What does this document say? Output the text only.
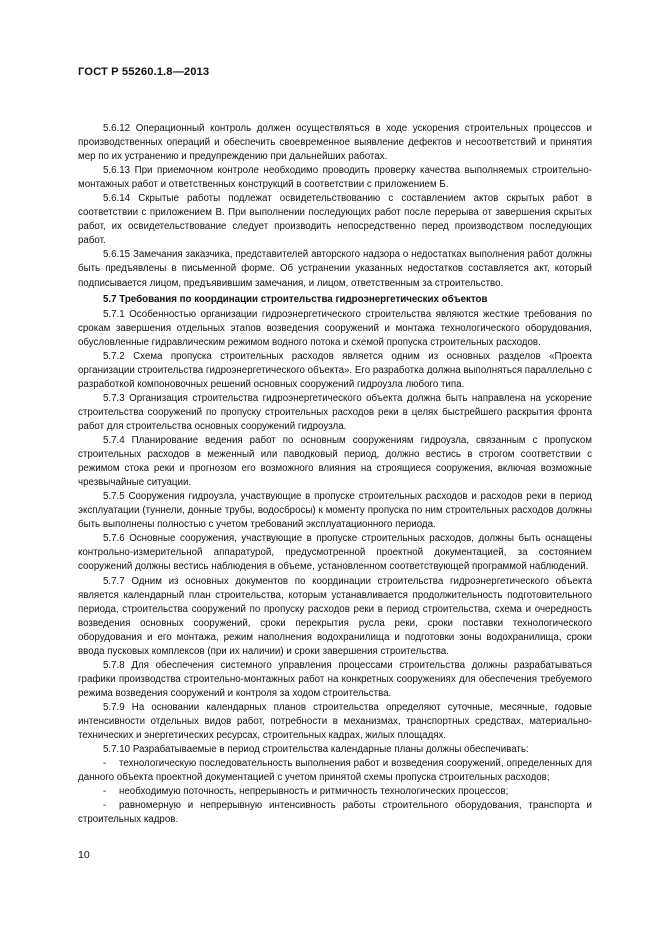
ГОСТ Р 55260.1.8—2013

5.6.12 Операционный контроль должен осуществляться в ходе ускорения строительных процессов и производственных операций и обеспечить своевременное выявление дефектов и несоответствий и принятия мер по их устранению и предупреждению при дальнейших работах.

5.6.13 При приемочном контроле необходимо проводить проверку качества выполняемых строительно-монтажных работ и ответственных конструкций в соответствии с приложением Б.

5.6.14 Скрытые работы подлежат освидетельствованию с составлением актов скрытых работ в соответствии с приложением В. При выполнении последующих работ после перерыва от завершения скрытых работ, их освидетельствование следует производить непосредственно перед производством последующих работ.

5.6.15 Замечания заказчика, представителей авторского надзора о недостатках выполнения работ должны быть предъявлены в письменной форме. Об устранении указанных недостатков составляется акт, который подписывается лицом, предъявившим замечания, и лицом, ответственным за строительство.

5.7 Требования по координации строительства гидроэнергетических объектов

5.7.1 Особенностью организации гидроэнергетического строительства являются жесткие требования по срокам завершения отдельных этапов возведения сооружений и монтажа технологического оборудования, обусловленные гидравлическим режимом водного потока и схемой пропуска строительных расходов.

5.7.2 Схема пропуска строительных расходов является одним из основных разделов «Проекта организации строительства гидроэнергетического объекта». Его разработка должна выполняться параллельно с разработкой компоновочных решений основных сооружений гидроузла любого типа.

5.7.3 Организация строительства гидроэнергетического объекта должна быть направлена на ускорение строительства сооружений по пропуску строительных расходов реки в целях быстрейшего раскрытия фронта работ для строительства основных сооружений гидроузла.

5.7.4 Планирование ведения работ по основным сооружениям гидроузла, связанным с пропуском строительных расходов в меженный или паводковый период, должно вестись в строгом соответствии с режимом стока реки и прогнозом его возможного влияния на строящиеся сооружения, включая возможные чрезвычайные ситуации.

5.7.5 Сооружения гидроузла, участвующие в пропуске строительных расходов и расходов реки в период эксплуатации (туннели, донные трубы, водосбросы) к моменту пропуска по ним строительных расходов должны быть выполнены полностью с учетом требований эксплуатационного периода.

5.7.6 Основные сооружения, участвующие в пропуске строительных расходов, должны быть оснащены контрольно-измерительной аппаратурой, предусмотренной проектной документацией, за состоянием сооружений должны вестись наблюдения в объеме, установленном соответствующей программой наблюдений.

5.7.7 Одним из основных документов по координации строительства гидроэнергетического объекта является календарный план строительства, которым устанавливается продолжительность подготовительного периода, строительства сооружений по пропуску расходов реки в период строительства, схема и очередность возведения основных сооружений, сроки перекрытия русла реки, сроки поставки технологического оборудования и его монтажа, режим наполнения водохранилища и подготовки зоны водохранилища, сроки ввода пусковых комплексов (при их наличии) и сроки завершения строительства.

5.7.8 Для обеспечения системного управления процессами строительства должны разрабатываться графики производства строительно-монтажных работ на конкретных сооружениях для обеспечения требуемого режима возведения сооружений и контроля за ходом строительства.

5.7.9 На основании календарных планов строительства определяют суточные, месячные, годовые интенсивности отдельных видов работ, потребности в механизмах, транспортных средствах, материально-технических и энергетических ресурсах, строительных кадрах, жилых площадях.

5.7.10 Разрабатываемые в период строительства календарные планы должны обеспечивать:

- технологическую последовательность выполнения работ и возведения сооружений, определенных для данного объекта проектной документацией с учетом принятой схемы пропуска строительных расходов;

- необходимую поточность, непрерывность и ритмичность технологических процессов;

- равномерную и непрерывную интенсивность работы строительного оборудования, транспорта и строительных кадров.

10
